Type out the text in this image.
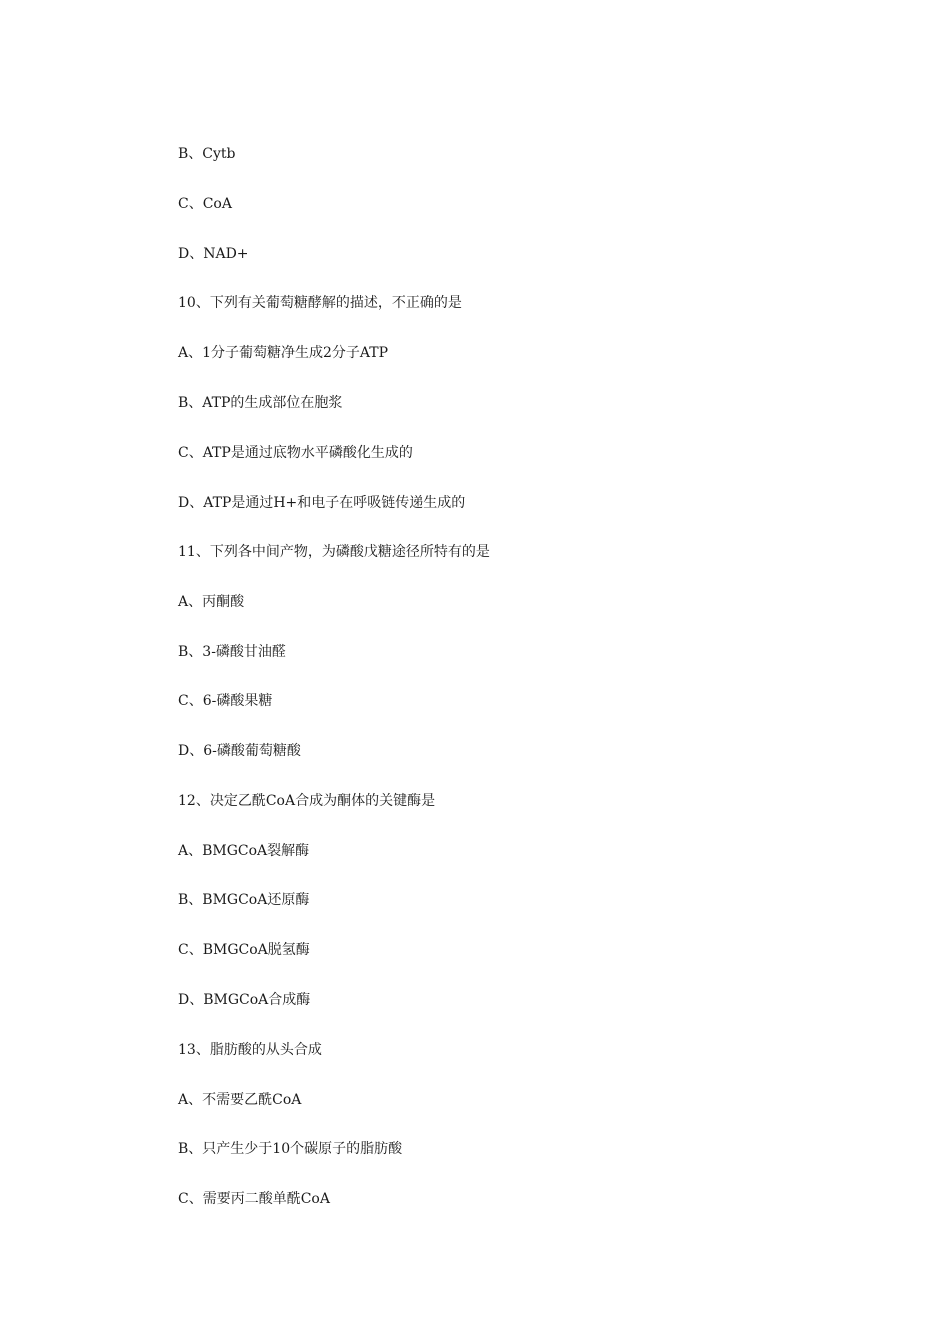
B、Cytb
C、CoA
D、NAD+
10、下列有关葡萄糖酵解的描述，不正确的是
A、1分子葡萄糖净生成2分子ATP
B、ATP的生成部位在胞浆
C、ATP是通过底物水平磷酸化生成的
D、ATP是通过H+和电子在呼吸链传递生成的
11、下列各中间产物，为磷酸戊糖途径所特有的是
A、丙酮酸
B、3-磷酸甘油醛
C、6-磷酸果糖
D、6-磷酸葡萄糖酸
12、决定乙酰CoA合成为酮体的关键酶是
A、BMGCoA裂解酶
B、BMGCoA还原酶
C、BMGCoA脱氢酶
D、BMGCoA合成酶
13、脂肪酸的从头合成
A、不需要乙酰CoA
B、只产生少于10个碳原子的脂肪酸
C、需要丙二酸单酰CoA
